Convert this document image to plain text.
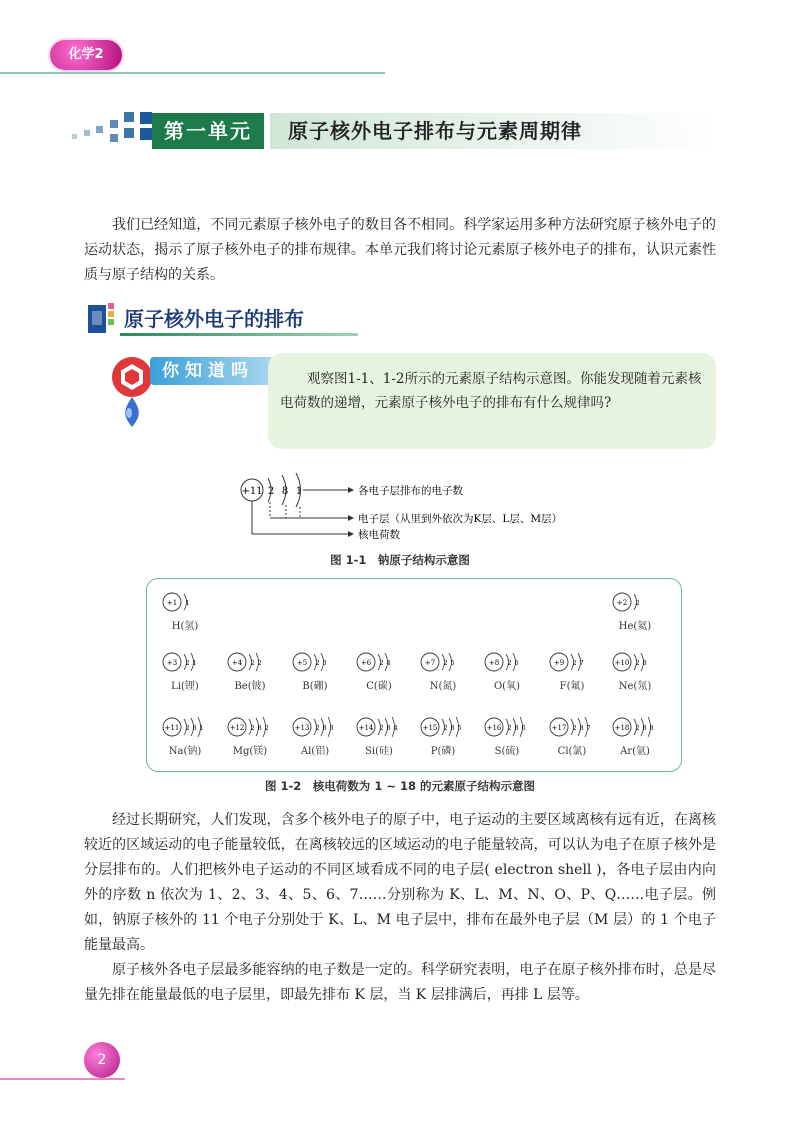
化学2
第一单元	原子核外电子排布与元素周期律
我们已经知道，不同元素原子核外电子的数目各不相同。科学家运用多种方法研究原子核外电子的运动状态，揭示了原子核外电子的排布规律。本单元我们将讨论元素原子核外电子的排布，认识元素性质与原子结构的关系。
原子核外电子的排布
你知道吗	观察图1-1、1-2所示的元素原子结构示意图。你能发现随着元素核电荷数的递增，元素原子核外电子的排布有什么规律吗?
+11 2 8 1	各电子层排布的电子数
电子层（从里到外依次为K层、L层、M层）
核电荷数
图 1-1　钠原子结构示意图
+1 1
H(氢)
+2 2
He(氦)
+3 2 1
Li(锂)
+4 2 2
Be(铍)
+5 2 3
B(硼)
+6 2 4
C(碳)
+7 2 5
N(氮)
+8 2 6
O(氧)
+9 2 7
F(氟)
+10 2 8
Ne(氖)
+11 2 8 1
Na(钠)
+12 2 8 2
Mg(镁)
+13 2 8 3
Al(铝)
+14 2 8 4
Si(硅)
+15 2 8 5
P(磷)
+16 2 8 6
S(硫)
+17 2 8 7
Cl(氯)
+18 2 8 8
Ar(氩)
图 1-2　核电荷数为 1 ~ 18 的元素原子结构示意图
经过长期研究，人们发现，含多个核外电子的原子中，电子运动的主要区域离核有远有近，在离核较近的区域运动的电子能量较低，在离核较远的区域运动的电子能量较高，可以认为电子在原子核外是分层排布的。人们把核外电子运动的不同区域看成不同的电子层( electron shell )，各电子层由内向外的序数 n 依次为 1、2、3、4、5、6、7……分别称为 K、L、M、N、O、P、Q……电子层。例如，钠原子核外的 11 个电子分别处于 K、L、M 电子层中，排布在最外电子层（M 层）的 1 个电子能量最高。
原子核外各电子层最多能容纳的电子数是一定的。科学研究表明，电子在原子核外排布时，总是尽量先排在能量最低的电子层里，即最先排布 K 层，当 K 层排满后，再排 L 层等。
2
